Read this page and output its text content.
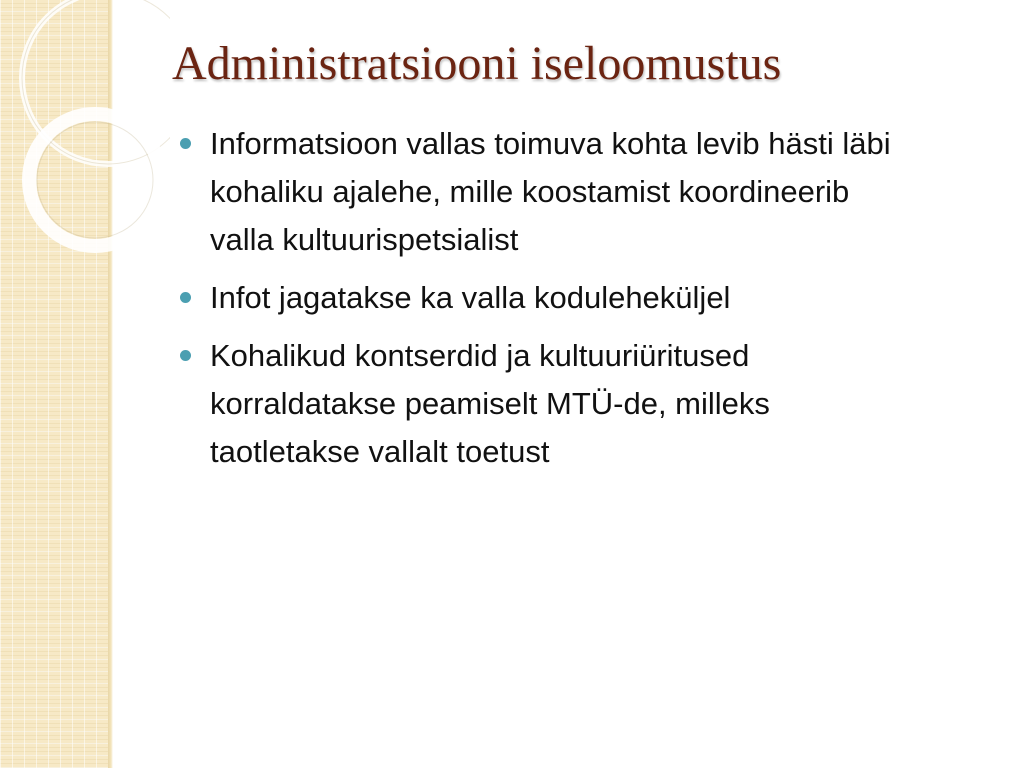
Administratsiooni iseloomustus
Informatsioon vallas toimuva kohta levib hästi läbi kohaliku ajalehe, mille koostamist koordineerib valla kultuurispetsialist
Infot jagatakse ka valla koduleheküljel
Kohalikud kontserdid ja kultuuriüritused korraldatakse peamiselt MTÜ-de, milleks taotletakse vallalt toetust
